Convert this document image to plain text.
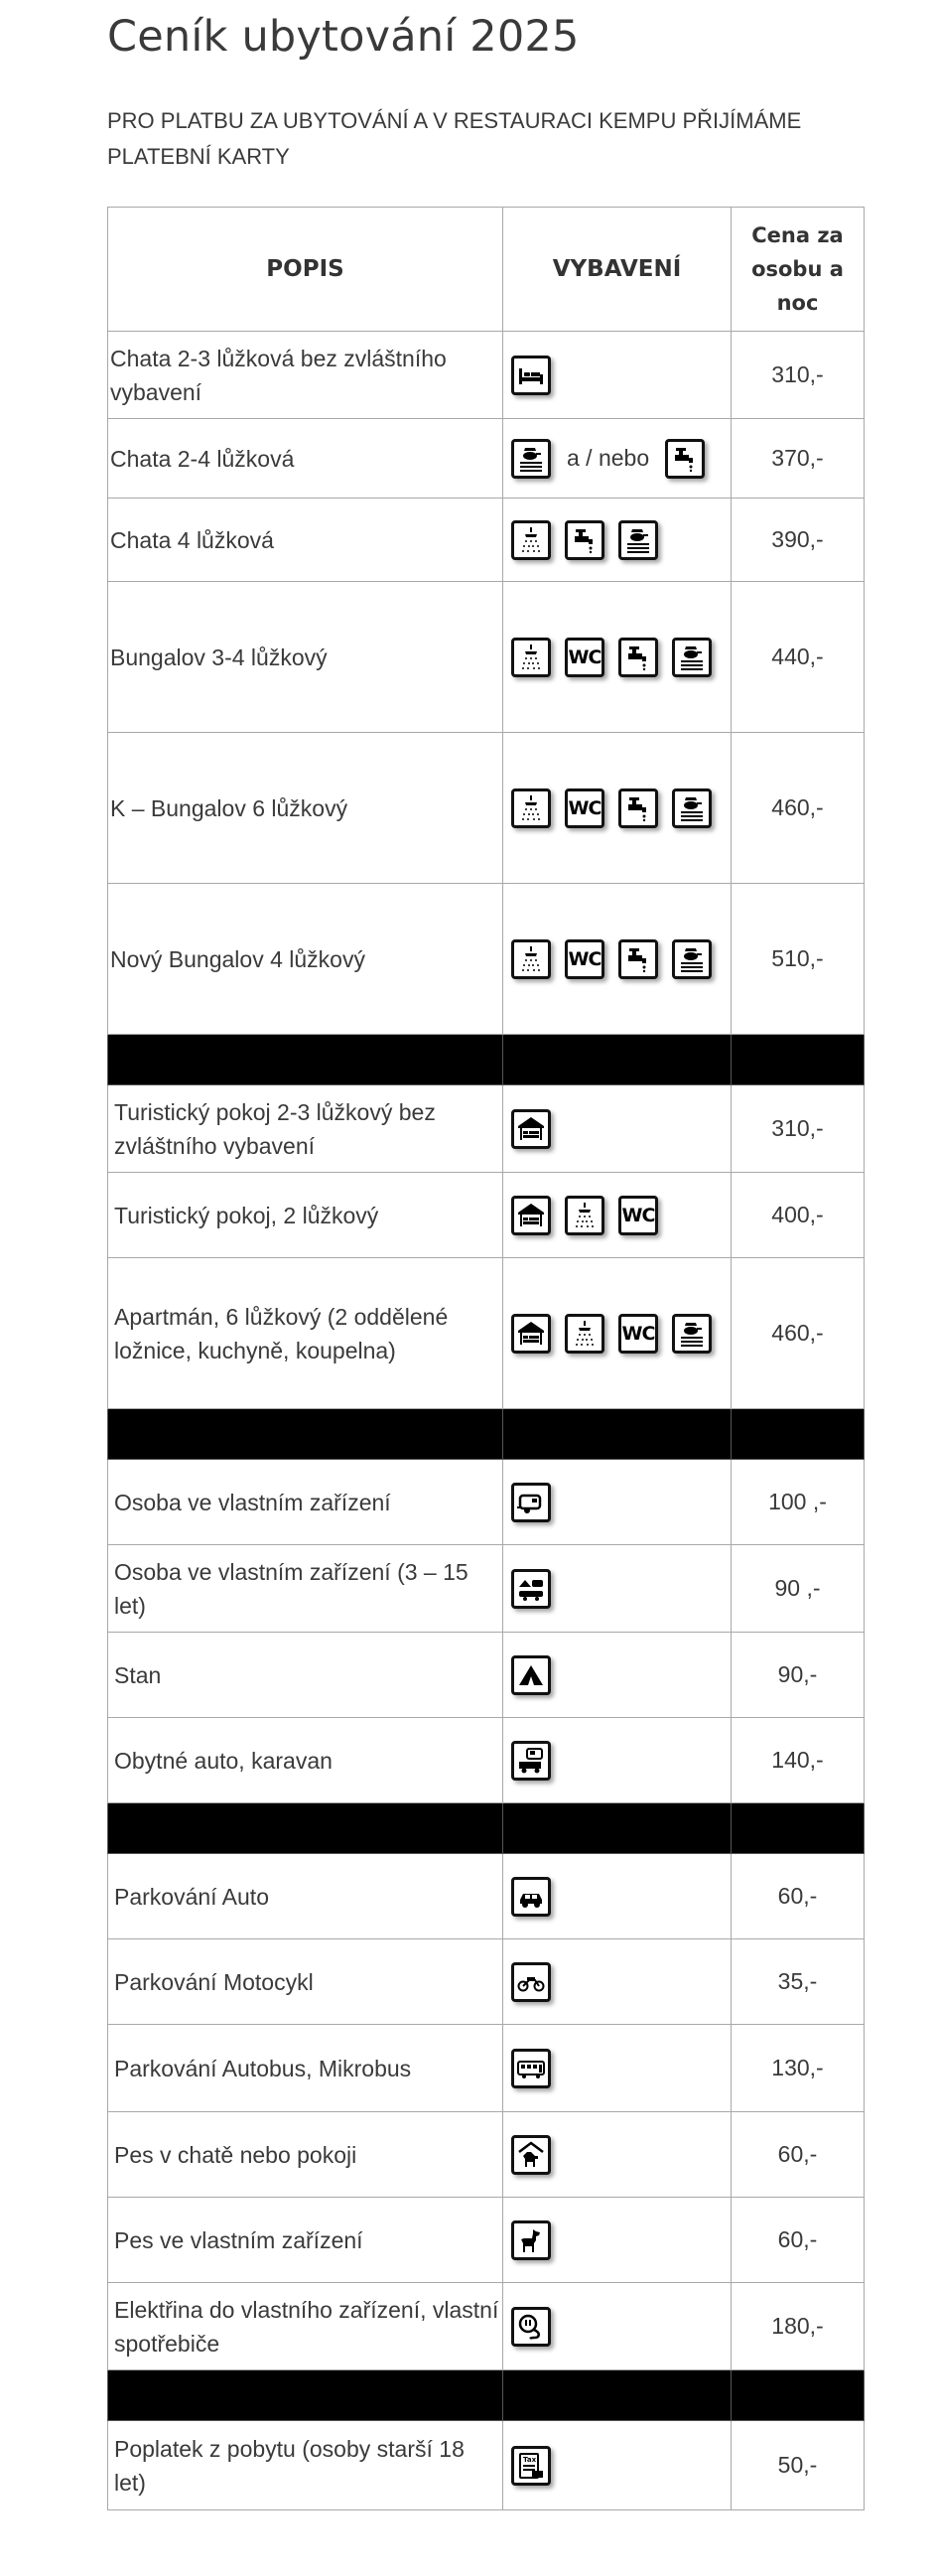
Ceník ubytování 2025

PRO PLATBU ZA UBYTOVÁNÍ A V RESTAURACI KEMPU PŘIJÍMÁME PLATEBNÍ KARTY

POPIS	VYBAVENÍ	Cena za osobu a noc

Chata 2-3 lůžková bez zvláštního vybavení		310,-

Chata 2-4 lůžková	a / nebo	370,-

Chata 4 lůžková		390,-

Bungalov 3-4 lůžkový	WC	440,-

K – Bungalov 6 lůžkový	WC	460,-

Nový Bungalov 4 lůžkový	WC	510,-

Turistický pokoj 2-3 lůžkový bez zvláštního vybavení		310,-

Turistický pokoj, 2 lůžkový	WC	400,-

Apartmán, 6 lůžkový (2 oddělené ložnice, kuchyně, koupelna)	WC	460,-

Osoba ve vlastním zařízení		100 ,-

Osoba ve vlastním zařízení (3 – 15 let)		90 ,-

Stan		90,-

Obytné auto, karavan		140,-

Parkování Auto		60,-

Parkování Motocykl		35,-

Parkování Autobus, Mikrobus		130,-

Pes v chatě nebo pokoji		60,-

Pes ve vlastním zařízení		60,-

Elektřina do vlastního zařízení, vlastní spotřebiče		180,-

Poplatek z pobytu (osoby starší 18 let)	Tax	50,-
